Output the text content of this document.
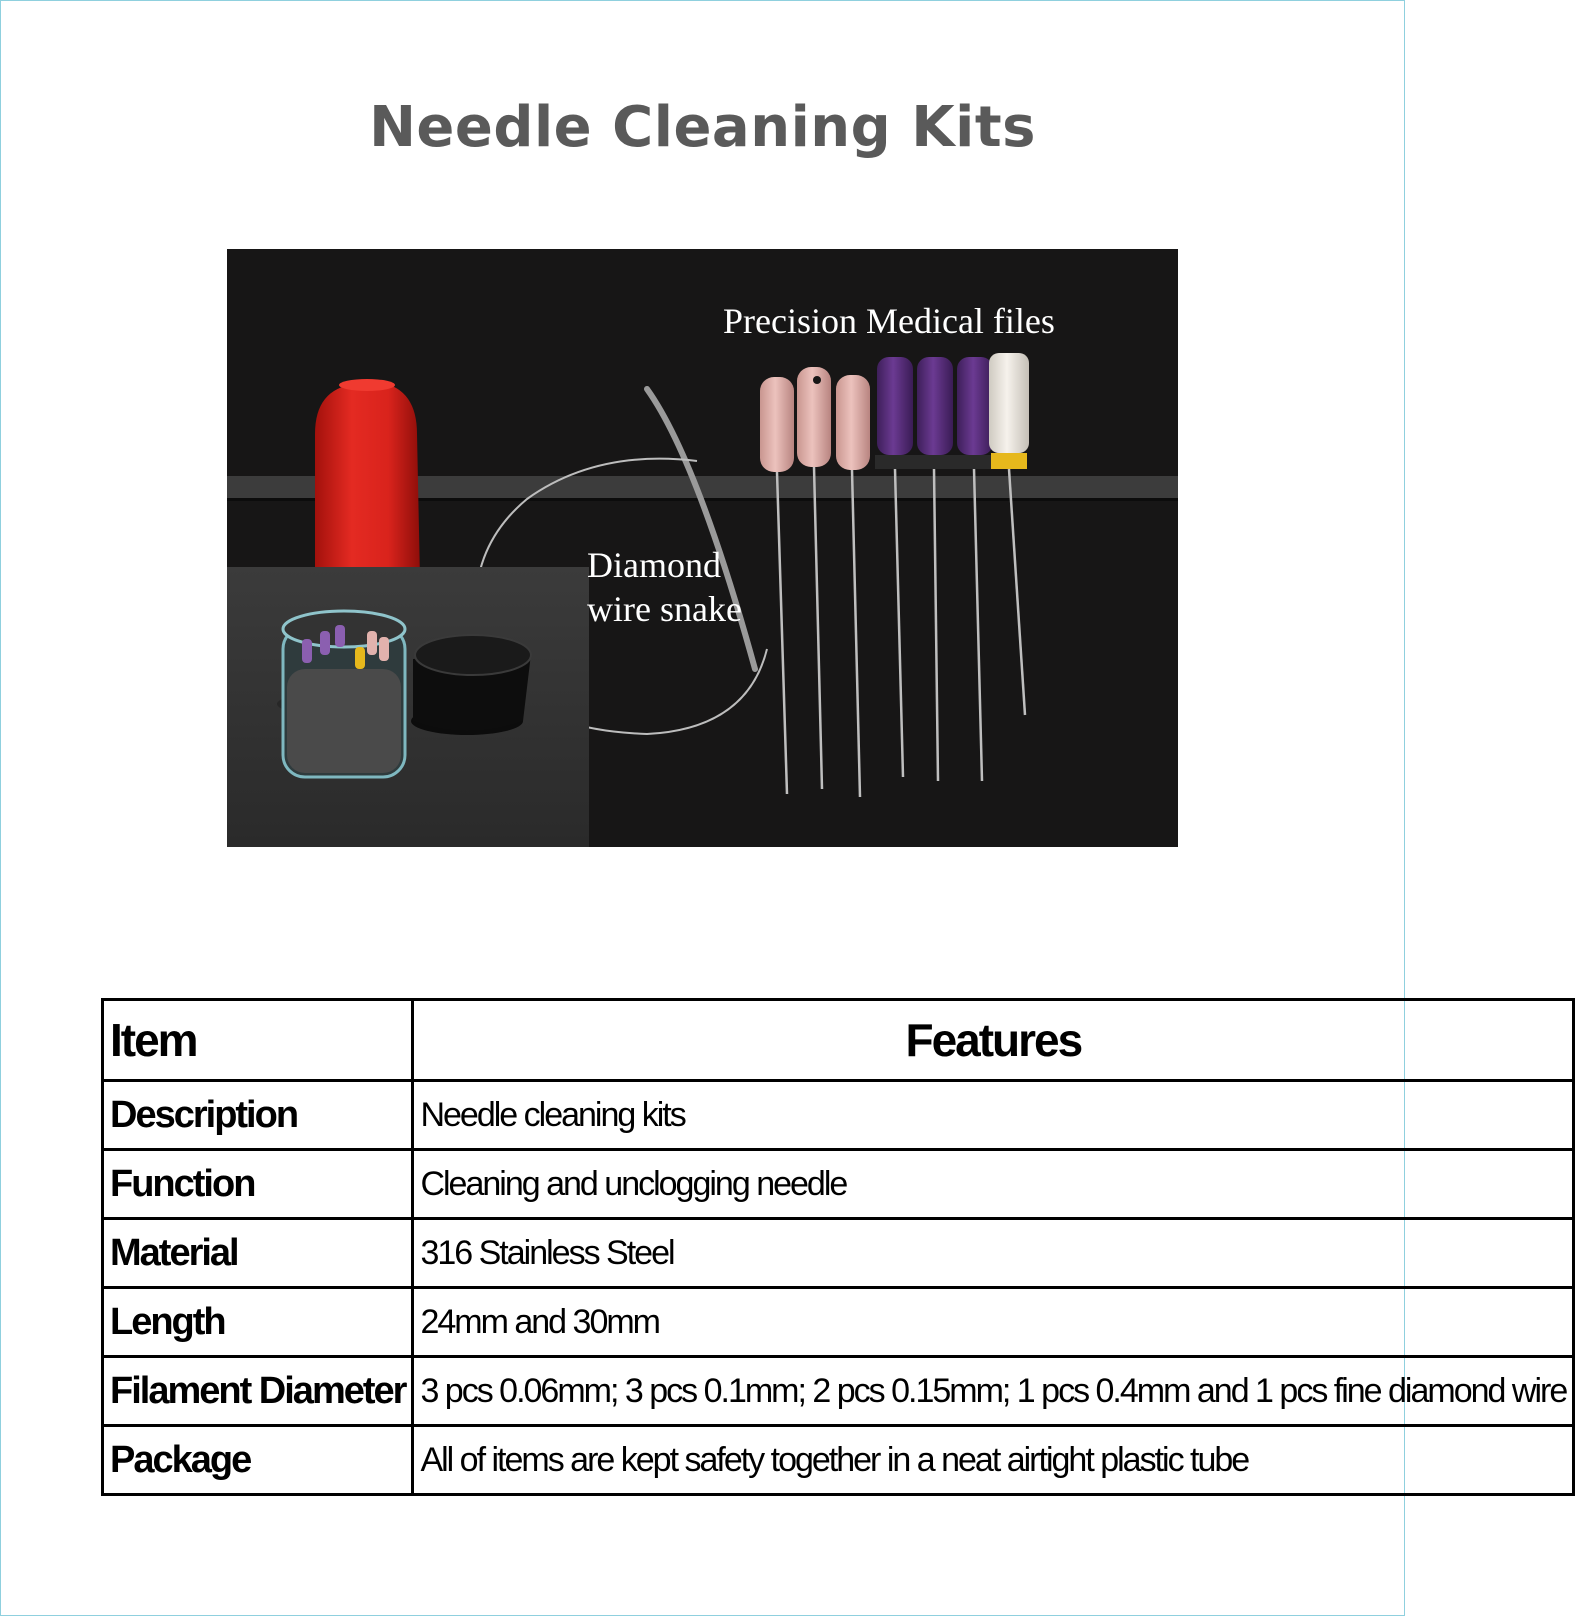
Needle Cleaning Kits
Precision Medical files
Diamond
wire snake
Item	Features
Description	Needle cleaning kits
Function	Cleaning and unclogging needle
Material	316 Stainless Steel
Length	24mm and 30mm
Filament Diameter	3 pcs 0.06mm; 3 pcs 0.1mm; 2 pcs 0.15mm; 1 pcs 0.4mm and 1 pcs fine diamond wire
Package	All of items are kept safety together in a neat airtight plastic tube
